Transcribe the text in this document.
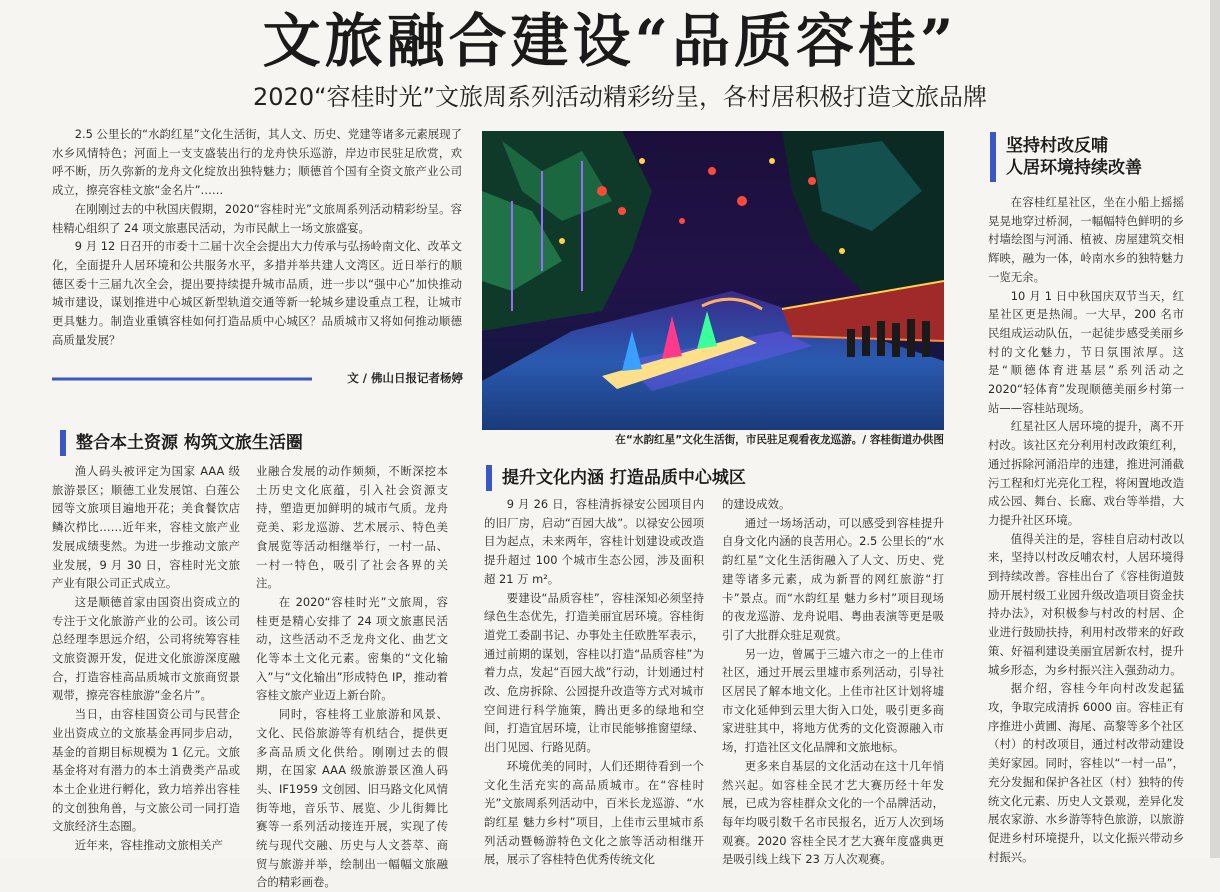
文旅融合建设“品质容桂”
2020“容桂时光”文旅周系列活动精彩纷呈，各村居积极打造文旅品牌

2.5 公里长的“水韵红星”文化生活街，其人文、历史、党建等诸多元素展现了水乡风情特色；河面上一支支盛装出行的龙舟快乐巡游，岸边市民驻足欣赏，欢呼不断，历久弥新的龙舟文化绽放出独特魅力；顺德首个国有全资文旅产业公司成立，擦亮容桂文旅“金名片”……

在刚刚过去的中秋国庆假期，2020“容桂时光”文旅周系列活动精彩纷呈。容桂精心组织了 24 项文旅惠民活动，为市民献上一场文旅盛宴。

9 月 12 日召开的市委十二届十次全会提出大力传承与弘扬岭南文化、改革文化，全面提升人居环境和公共服务水平，多措并举共建人文湾区。近日举行的顺德区委十三届九次全会，提出要持续提升城市品质，进一步以“强中心”加快推动城市建设，谋划推进中心城区新型轨道交通等新一轮城乡建设重点工程，让城市更具魅力。制造业重镇容桂如何打造品质中心城区？品质城市又将如何推动顺德高质量发展？

文 / 佛山日报记者杨婷
在“水韵红星”文化生活街，市民驻足观看夜龙巡游。/ 容桂街道办供图
整合本土资源 构筑文旅生活圈

渔人码头被评定为国家 AAA 级旅游景区；顺德工业发展馆、白莲公园等文旅项目遍地开花；美食餐饮店鳞次栉比……近年来，容桂文旅产业发展成绩斐然。为进一步推动文旅产业发展，9 月 30 日，容桂时光文旅产业有限公司正式成立。

这是顺德首家由国资出资成立的专注于文化旅游产业的公司。该公司总经理李思远介绍，公司将统筹容桂文旅资源开发，促进文化旅游深度融合，打造容桂高品质城市文旅商贸景观带，擦亮容桂旅游“金名片”。

当日，由容桂国资公司与民营企业出资成立的文旅基金再同步启动，基金的首期目标规模为 1 亿元。文旅基金将对有潜力的本土消费类产品或本土企业进行孵化，致力培养出容桂的文创独角兽，与文旅公司一同打造文旅经济生态圈。

近年来，容桂推动文旅相关产

业融合发展的动作频频，不断深挖本土历史文化底蕴，引入社会资源支持，塑造更加鲜明的城市气质。龙舟竞美、彩龙巡游、艺术展示、特色美食展览等活动相继举行，一村一品、一村一特色，吸引了社会各界的关注。

在 2020“容桂时光”文旅周，容桂更是精心安排了 24 项文旅惠民活动，这些活动不乏龙舟文化、曲艺文化等本土文化元素。密集的“文化输入”与“文化输出”形成特色 IP，推动着容桂文旅产业迈上新台阶。

同时，容桂将工业旅游和风景、文化、民俗旅游等有机结合，提供更多高品质文化供给。刚刚过去的假期，在国家 AAA 级旅游景区渔人码头、IF1959 文创园、旧马路文化风情街等地，音乐节、展览、少儿街舞比赛等一系列活动接连开展，实现了传统与现代交融、历史与人文荟萃、商贸与旅游并举，绘制出一幅幅文旅融合的精彩画卷。

提升文化内涵 打造品质中心城区

9 月 26 日，容桂清拆禄安公园项目内的旧厂房，启动“百园大战”。以禄安公园项目为起点，未来两年，容桂计划建设或改造提升超过 100 个城市生态公园，涉及面积超 21 万 m²。

要建设“品质容桂”，容桂深知必须坚持绿色生态优先，打造美丽宜居环境。容桂街道党工委副书记、办事处主任欧胜军表示，通过前期的谋划，容桂以打造“品质容桂”为着力点，发起“百园大战”行动，计划通过村改、危房拆除、公园提升改造等方式对城市空间进行科学施策，腾出更多的绿地和空间，打造宜居环境，让市民能够推窗望绿、出门见园、行路见荫。

环境优美的同时，人们还期待看到一个文化生活充实的高品质城市。在“容桂时光”文旅周系列活动中，百米长龙巡游、“水韵红星 魅力乡村”项目，上佳市云里城市系列活动暨畅游特色文化之旅等活动相继开展，展示了容桂特色优秀传统文化

的建设成效。

通过一场场活动，可以感受到容桂提升自身文化内涵的良苦用心。2.5 公里长的“水韵红星”文化生活街融入了人文、历史、党建等诸多元素，成为新晋的网红旅游“打卡”景点。而“水韵红星 魅力乡村”项目现场的夜龙巡游、龙舟说唱、粤曲表演等更是吸引了大批群众驻足观赏。

另一边，曾属于三墟六市之一的上佳市社区，通过开展云里墟市系列活动，引导社区居民了解本地文化。上佳市社区计划将墟市文化延伸到云里大街入口处，吸引更多商家进驻其中，将地方优秀的文化资源融入市场，打造社区文化品牌和文旅地标。

更多来自基层的文化活动在这十几年悄然兴起。如容桂全民才艺大赛历经十年发展，已成为容桂群众文化的一个品牌活动，每年均吸引数千名市民报名，近万人次到场观赛。2020 容桂全民才艺大赛年度盛典更是吸引线上线下 23 万人次观赛。

坚持村改反哺
人居环境持续改善

在容桂红星社区，坐在小船上摇摇晃晃地穿过桥洞，一幅幅特色鲜明的乡村墙绘图与河涌、植被、房屋建筑交相辉映，融为一体，岭南水乡的独特魅力一览无余。

10 月 1 日中秋国庆双节当天，红星社区更是热闹。一大早，200 名市民组成运动队伍，一起徒步感受美丽乡村的文化魅力，节日氛围浓厚。这是“顺德体育进基层”系列活动之 2020“轻体育”发现顺德美丽乡村第一站——容桂站现场。

红星社区人居环境的提升，离不开村改。该社区充分利用村改政策红利，通过拆除河涌沿岸的违建，推进河涌截污工程和灯光亮化工程，将闲置地改造成公园、舞台、长廊、戏台等举措，大力提升社区环境。

值得关注的是，容桂自启动村改以来，坚持以村改反哺农村，人居环境得到持续改善。容桂出台了《容桂街道鼓励开展村级工业园升级改造项目资金扶持办法》，对积极参与村改的村居、企业进行鼓励扶持，利用村改带来的好政策、好福利建设美丽宜居新农村，提升城乡形态，为乡村振兴注入强劲动力。

据介绍，容桂今年向村改发起猛攻，争取完成清拆 6000 亩。容桂正有序推进小黄圃、海尾、高黎等多个社区（村）的村改项目，通过村改带动建设美好家园。同时，容桂以“一村一品”，充分发掘和保护各社区（村）独特的传统文化元素、历史人文景观，差异化发展农家游、水乡游等特色旅游，以旅游促进乡村环境提升，以文化振兴带动乡村振兴。
